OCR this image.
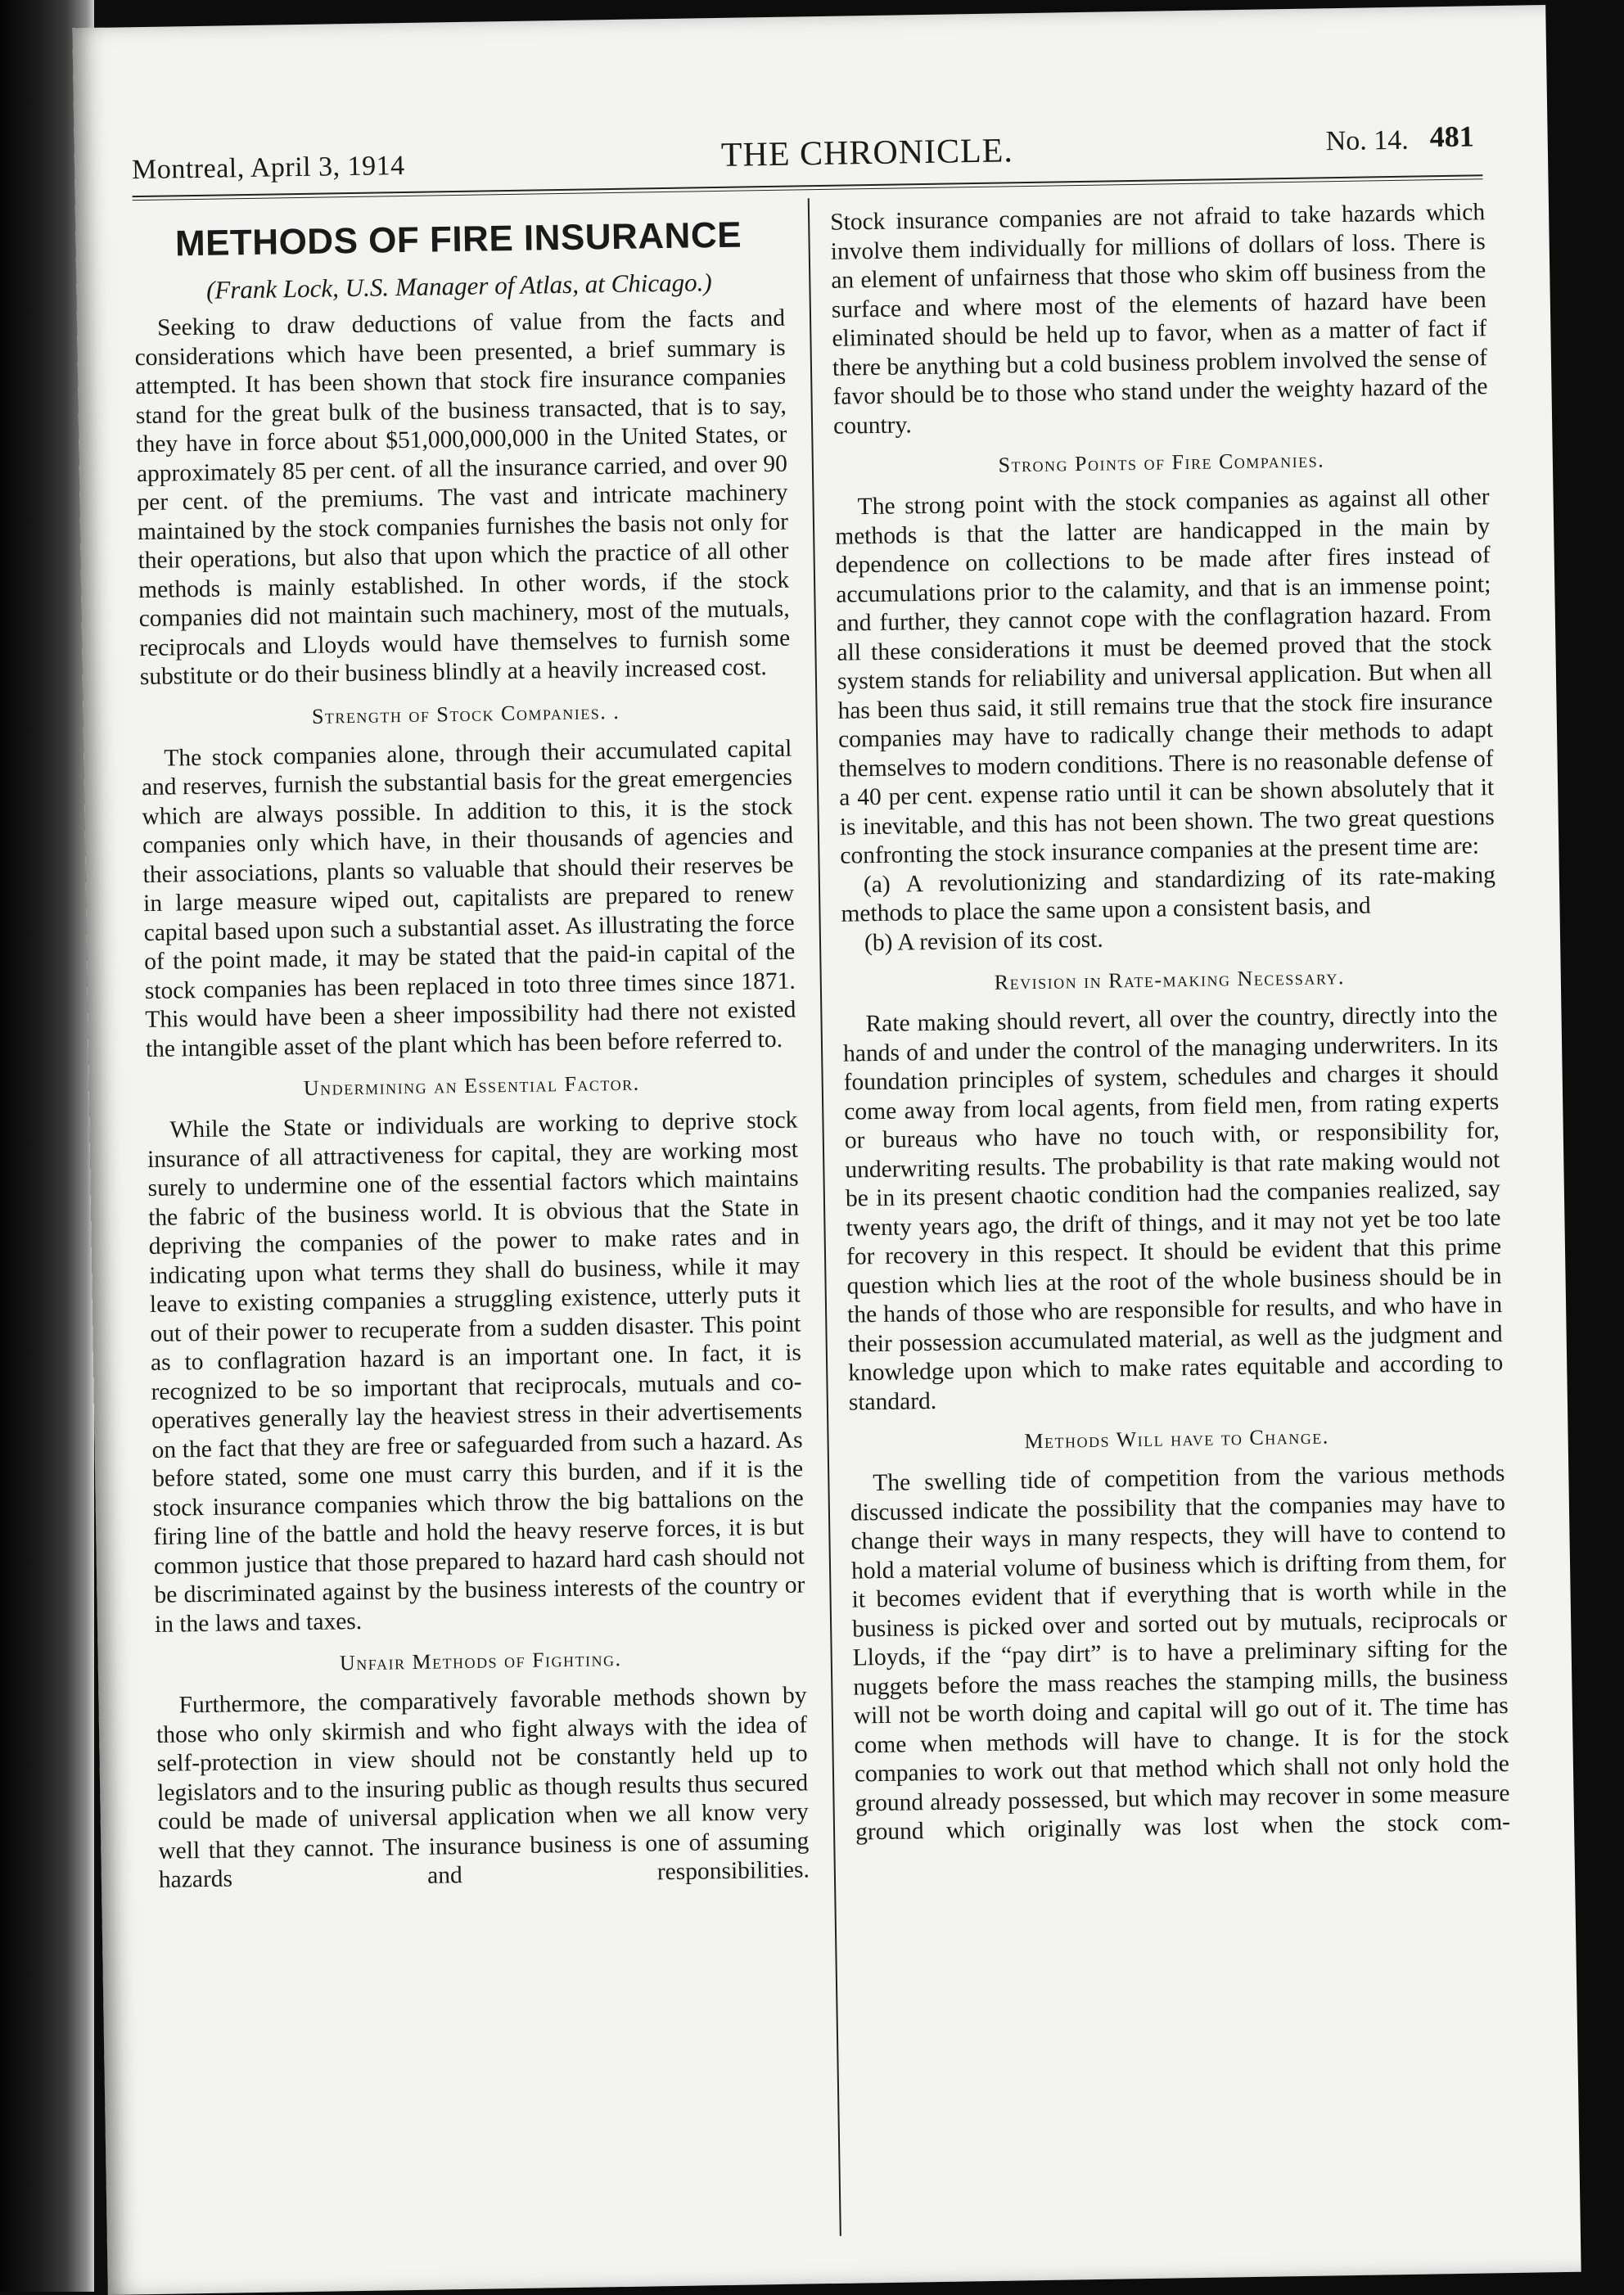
Montreal, April 3, 1914	THE CHRONICLE.	No. 14. 481
METHODS OF FIRE INSURANCE
(Frank Lock, U.S. Manager of Atlas, at Chicago.)

Seeking to draw deductions of value from the facts and considerations which have been presented, a brief summary is attempted. It has been shown that stock fire insurance companies stand for the great bulk of the business transacted, that is to say, they have in force about $51,000,000,000 in the United States, or approximately 85 per cent. of all the insurance carried, and over 90 per cent. of the premiums. The vast and intricate machinery maintained by the stock companies furnishes the basis not only for their operations, but also that upon which the practice of all other methods is mainly established. In other words, if the stock companies did not maintain such machinery, most of the mutuals, reciprocals and Lloyds would have themselves to furnish some substitute or do their business blindly at a heavily increased cost.

Strength of Stock Companies. .

The stock companies alone, through their accumulated capital and reserves, furnish the substantial basis for the great emergencies which are always possible. In addition to this, it is the stock companies only which have, in their thousands of agencies and their associations, plants so valuable that should their reserves be in large measure wiped out, capitalists are prepared to renew capital based upon such a substantial asset. As illustrating the force of the point made, it may be stated that the paid-in capital of the stock companies has been replaced in toto three times since 1871. This would have been a sheer impossibility had there not existed the intangible asset of the plant which has been before referred to.

Undermining an Essential Factor.

While the State or individuals are working to deprive stock insurance of all attractiveness for capital, they are working most surely to undermine one of the essential factors which maintains the fabric of the business world. It is obvious that the State in depriving the companies of the power to make rates and in indicating upon what terms they shall do business, while it may leave to existing companies a struggling existence, utterly puts it out of their power to recuperate from a sudden disaster. This point as to conflagration hazard is an important one. In fact, it is recognized to be so important that reciprocals, mutuals and co-operatives generally lay the heaviest stress in their advertisements on the fact that they are free or safeguarded from such a hazard. As before stated, some one must carry this burden, and if it is the stock insurance companies which throw the big battalions on the firing line of the battle and hold the heavy reserve forces, it is but common justice that those prepared to hazard hard cash should not be discriminated against by the business interests of the country or in the laws and taxes.

Unfair Methods of Fighting.

Furthermore, the comparatively favorable methods shown by those who only skirmish and who fight always with the idea of self-protection in view should not be constantly held up to legislators and to the insuring public as though results thus secured could be made of universal application when we all know very well that they cannot. The insurance business is one of assuming hazards and responsibilities.

Stock insurance companies are not afraid to take hazards which involve them individually for millions of dollars of loss. There is an element of unfairness that those who skim off business from the surface and where most of the elements of hazard have been eliminated should be held up to favor, when as a matter of fact if there be anything but a cold business problem involved the sense of favor should be to those who stand under the weighty hazard of the country.

Strong Points of Fire Companies.

The strong point with the stock companies as against all other methods is that the latter are handicapped in the main by dependence on collections to be made after fires instead of accumulations prior to the calamity, and that is an immense point; and further, they cannot cope with the conflagration hazard. From all these considerations it must be deemed proved that the stock system stands for reliability and universal application. But when all has been thus said, it still remains true that the stock fire insurance companies may have to radically change their methods to adapt themselves to modern conditions. There is no reasonable defense of a 40 per cent. expense ratio until it can be shown absolutely that it is inevitable, and this has not been shown. The two great questions confronting the stock insurance companies at the present time are:

(a) A revolutionizing and standardizing of its rate-making methods to place the same upon a consistent basis, and

(b) A revision of its cost.

Revision in Rate-making Necessary.

Rate making should revert, all over the country, directly into the hands of and under the control of the managing underwriters. In its foundation principles of system, schedules and charges it should come away from local agents, from field men, from rating experts or bureaus who have no touch with, or responsibility for, underwriting results. The probability is that rate making would not be in its present chaotic condition had the companies realized, say twenty years ago, the drift of things, and it may not yet be too late for recovery in this respect. It should be evident that this prime question which lies at the root of the whole business should be in the hands of those who are responsible for results, and who have in their possession accumulated material, as well as the judgment and knowledge upon which to make rates equitable and according to standard.

Methods Will have to Change.

The swelling tide of competition from the various methods discussed indicate the possibility that the companies may have to change their ways in many respects, they will have to contend to hold a material volume of business which is drifting from them, for it becomes evident that if everything that is worth while in the business is picked over and sorted out by mutuals, reciprocals or Lloyds, if the “pay dirt” is to have a preliminary sifting for the nuggets before the mass reaches the stamping mills, the business will not be worth doing and capital will go out of it. The time has come when methods will have to change. It is for the stock companies to work out that method which shall not only hold the ground already possessed, but which may recover in some measure ground which originally was lost when the stock com-
